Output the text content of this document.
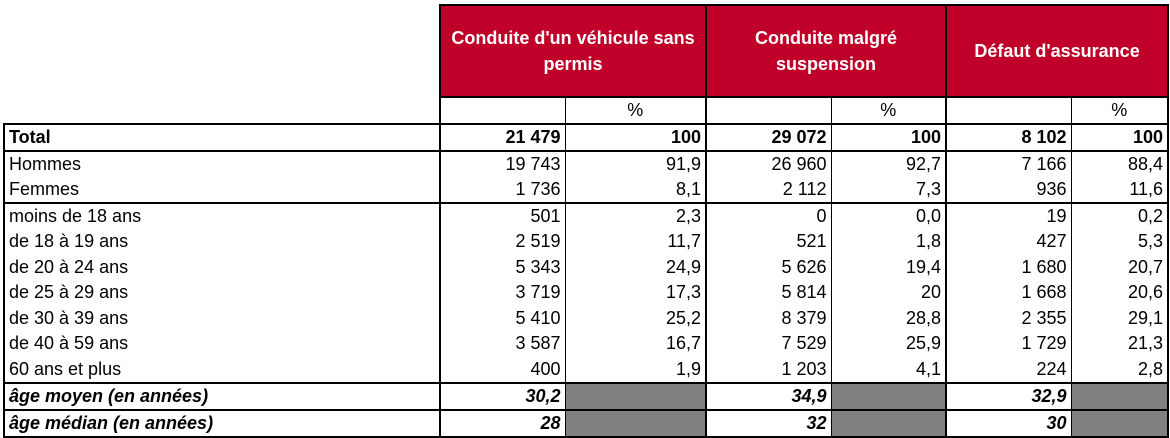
	Conduite d'un véhicule sans permis		Conduite malgré suspension		Défaut d'assurance	
		%		%		%
Total	21 479	100	29 072	100	8 102	100
Hommes	19 743	91,9	26 960	92,7	7 166	88,4
Femmes	1 736	8,1	2 112	7,3	936	11,6
moins de 18 ans	501	2,3	0	0,0	19	0,2
de 18 à 19 ans	2 519	11,7	521	1,8	427	5,3
de 20 à 24 ans	5 343	24,9	5 626	19,4	1 680	20,7
de 25 à 29 ans	3 719	17,3	5 814	20	1 668	20,6
de 30 à 39 ans	5 410	25,2	8 379	28,8	2 355	29,1
de 40 à 59 ans	3 587	16,7	7 529	25,9	1 729	21,3
60 ans et plus	400	1,9	1 203	4,1	224	2,8
âge moyen (en années)	30,2		34,9		32,9	
âge médian (en années)	28		32		30	
